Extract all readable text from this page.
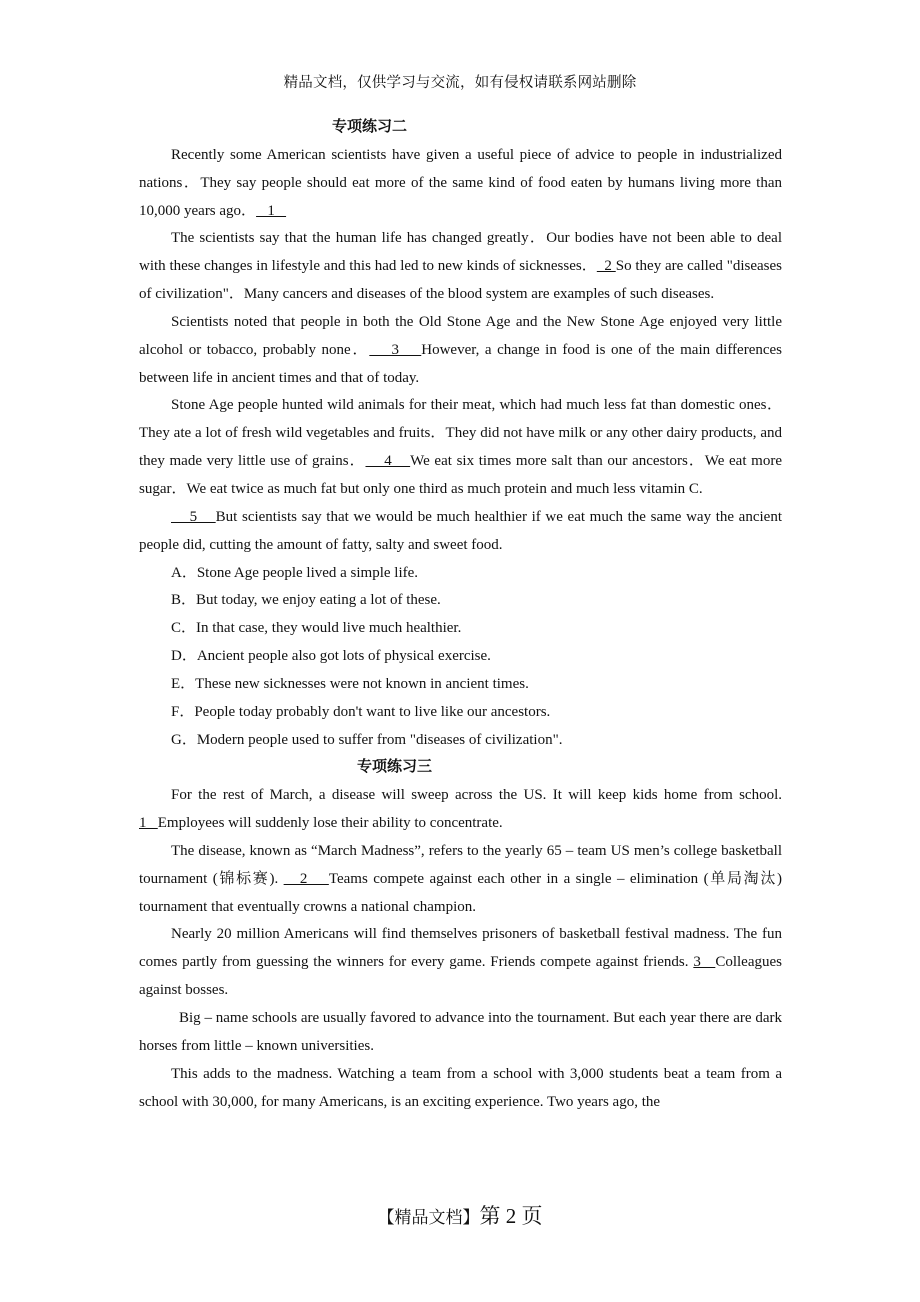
精品文档，仅供学习与交流，如有侵权请联系网站删除
专项练习二
Recently some American scientists have given a useful piece of advice to people in industrialized nations．They say people should eat more of the same kind of food eaten by humans living more than 10,000 years ago．   1
The scientists say that the human life has changed greatly．Our bodies have not been able to deal with these changes in lifestyle and this had led to new kinds of sicknesses．  2 So they are called "diseases of civilization"．Many cancers and diseases of the blood system are examples of such diseases.
Scientists noted that people in both the Old Stone Age and the New Stone Age enjoyed very little alcohol or tobacco, probably none．    3    However, a change in food is one of the main differences between life in ancient times and that of today.
Stone Age people hunted wild animals for their meat, which had much less fat than domestic ones．They ate a lot of fresh wild vegetables and fruits．They did not have milk or any other dairy products, and they made very little use of grains．    4    We eat six times more salt than our ancestors．We eat more sugar．We eat twice as much fat but only one third as much protein and much less vitamin C.
5    But scientists say that we would be much healthier if we eat much the same way the ancient people did, cutting the amount of fatty, salty and sweet food.
A．Stone Age people lived a simple life.
B．But today, we enjoy eating a lot of these.
C．In that case, they would live much healthier.
D．Ancient people also got lots of physical exercise.
E．These new sicknesses were not known in ancient times.
F．People today probably don't want to live like our ancestors.
G．Modern people used to suffer from "diseases of civilization".
专项练习三
For the rest of March, a disease will sweep across the US. It will keep kids home from school. 1   Employees will suddenly lose their ability to concentrate.
The disease, known as “March Madness”, refers to the yearly 65 – team US men’s college basketball tournament (锦标赛).    2    Teams compete against each other in a single – elimination (单局淘汰) tournament that eventually crowns a national champion.
Nearly 20 million Americans will find themselves prisoners of basketball festival madness. The fun comes partly from guessing the winners for every game. Friends compete against friends. 3   Colleagues against bosses.
Big – name schools are usually favored to advance into the tournament. But each year there are dark horses from little – known universities.
This adds to the madness. Watching a team from a school with 3,000 students beat a team from a school with 30,000, for many Americans, is an exciting experience. Two years ago, the
【精品文档】第 2 页
